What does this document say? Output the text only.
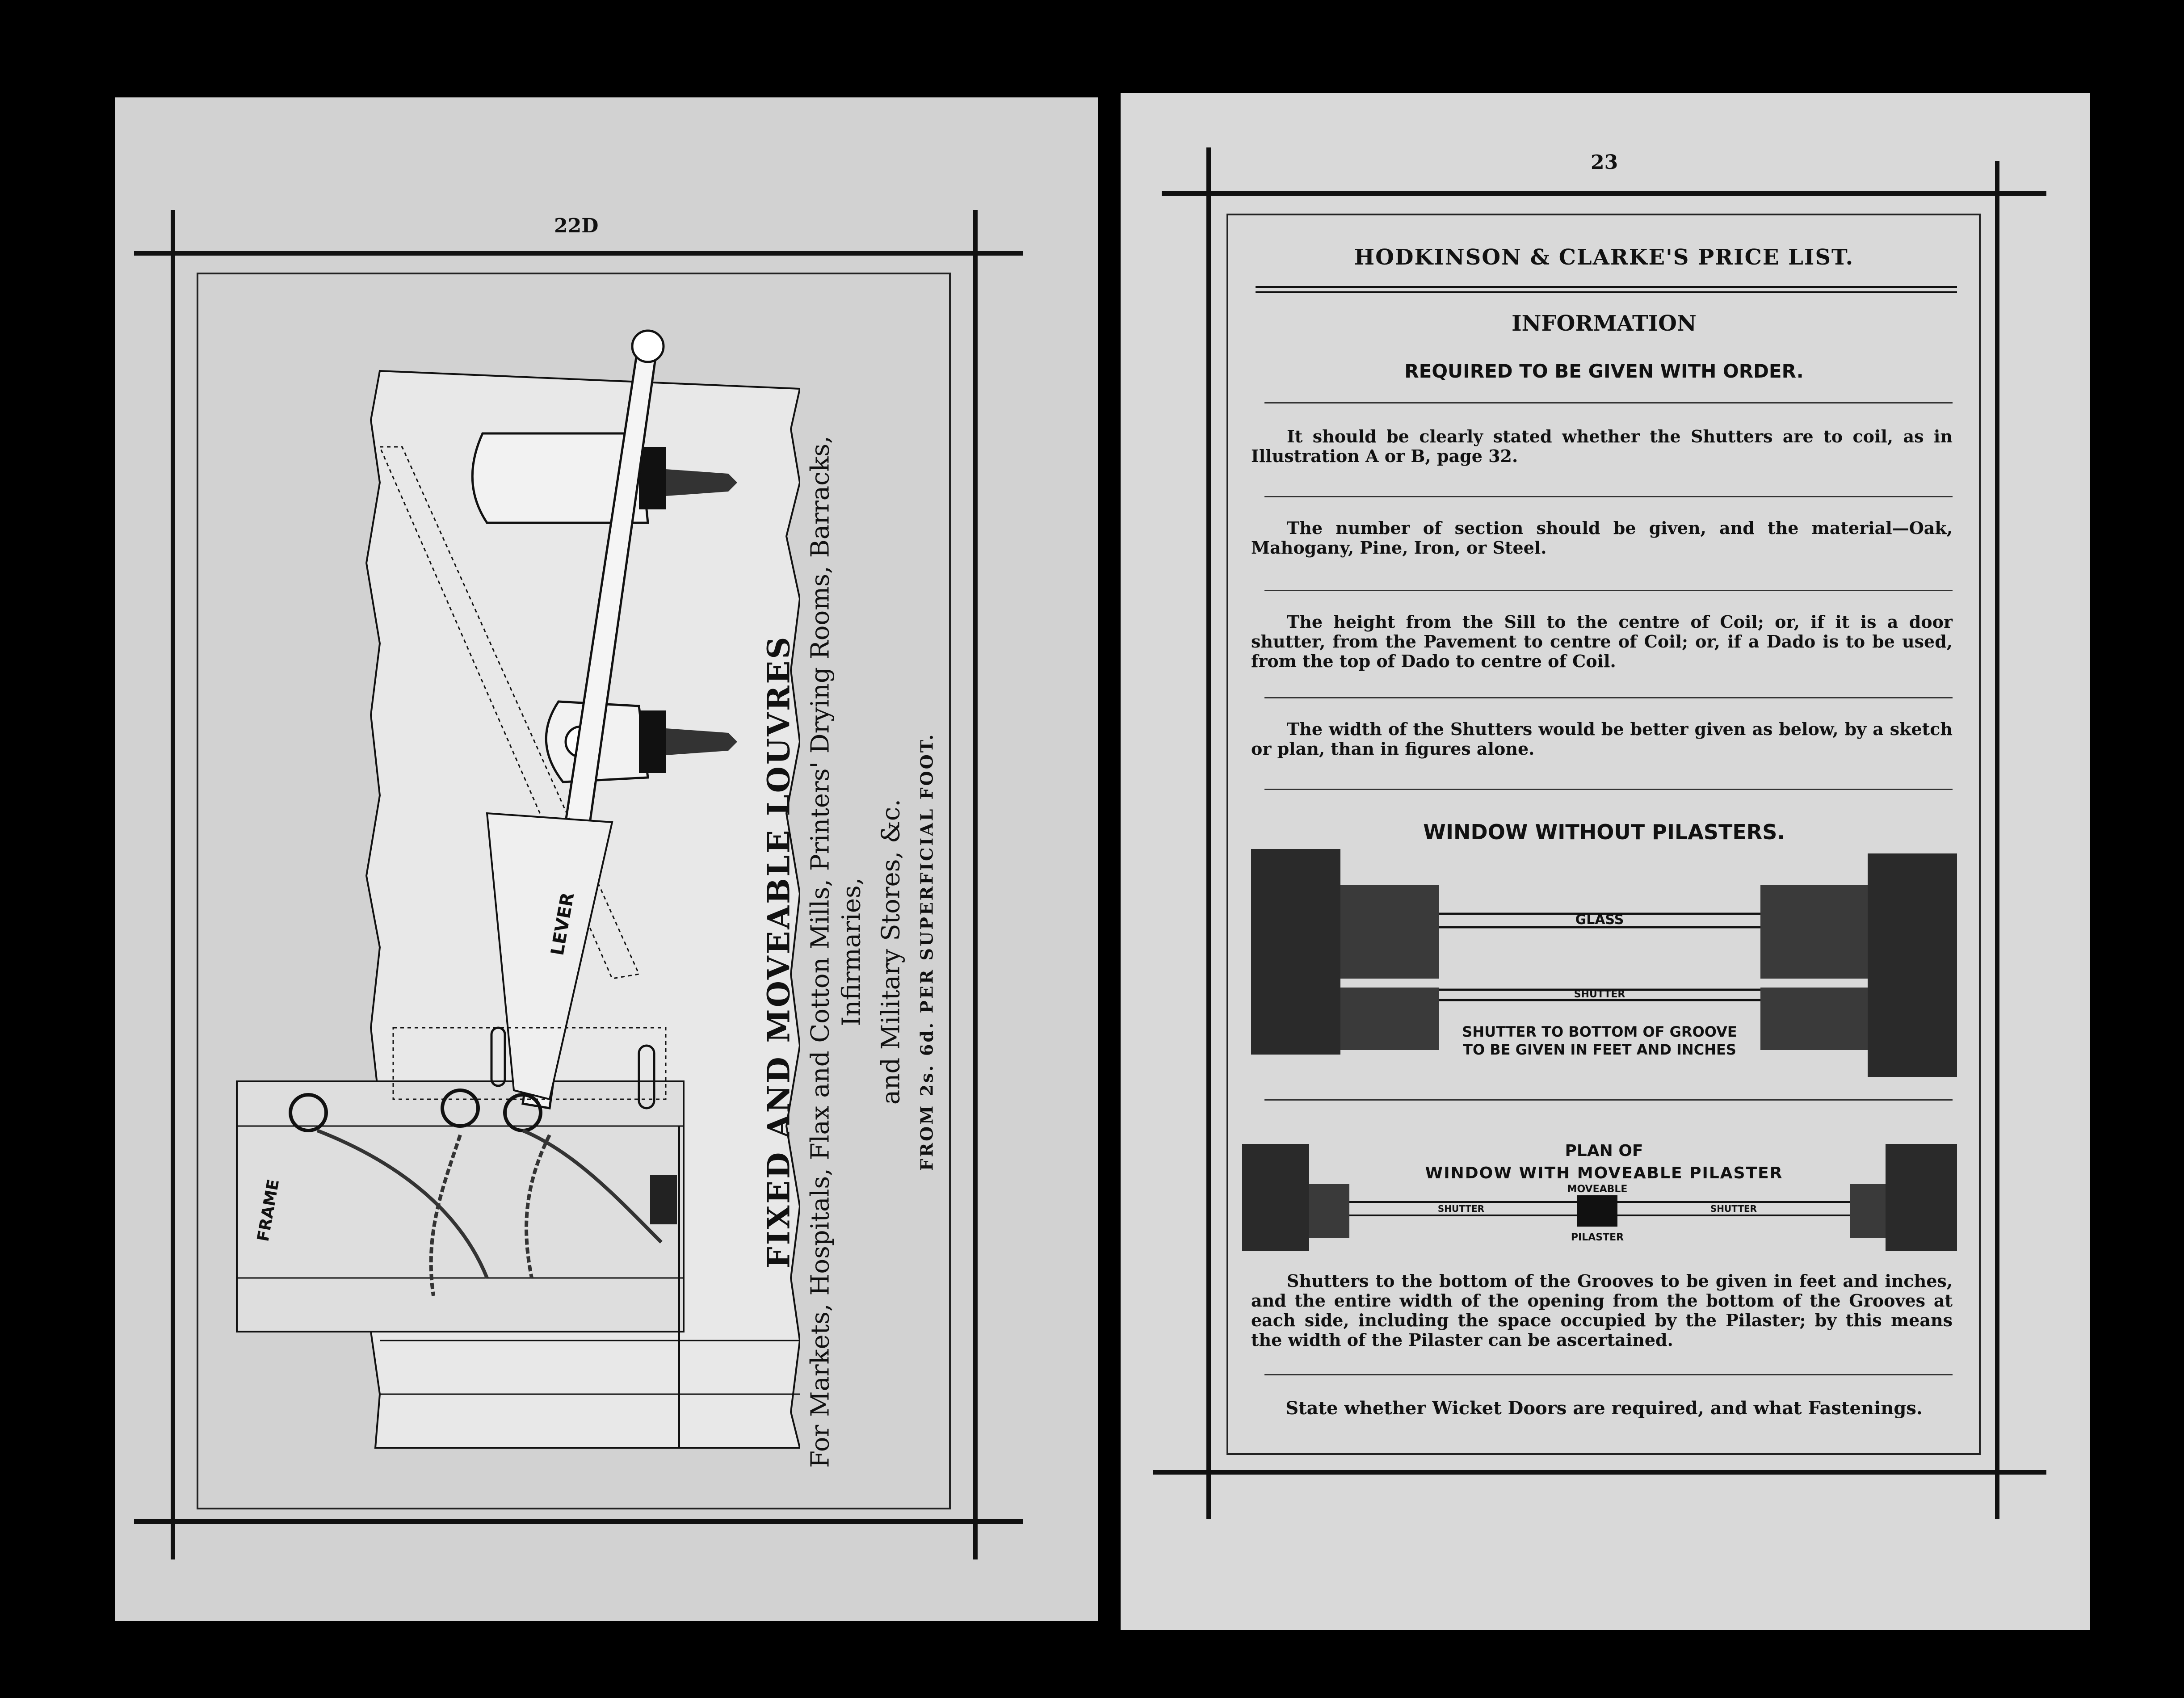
22D
LEVER
FRAME	FIXED AND MOVEABLE LOUVRES For Markets, Hospitals, Flax and Cotton Mills, Printers' Drying Rooms, Barracks, Infirmaries, and Military Stores, &c. FROM 2s. 6d. PER SUPERFICIAL FOOT.
23
HODKINSON & CLARKE'S PRICE LIST.
INFORMATION
REQUIRED TO BE GIVEN WITH ORDER.
It should be clearly stated whether the Shutters are to coil, as in Illustration A or B, page 32.
The number of section should be given, and the material—Oak, Mahogany, Pine, Iron, or Steel.
The height from the Sill to the centre of Coil; or, if it is a door shutter, from the Pavement to centre of Coil; or, if a Dado is to be used, from the top of Dado to centre of Coil.
The width of the Shutters would be better given as below, by a sketch or plan, than in figures alone.
WINDOW WITHOUT PILASTERS.
GLASS
SHUTTER
SHUTTER TO BOTTOM OF GROOVE
TO BE GIVEN IN FEET AND INCHES
PLAN OF
WINDOW WITH MOVEABLE PILASTER
MOVEABLE
PILASTER
SHUTTER	SHUTTER
Shutters to the bottom of the Grooves to be given in feet and inches, and the entire width of the opening from the bottom of the Grooves at each side, including the space occupied by the Pilaster; by this means the width of the Pilaster can be ascertained.
State whether Wicket Doors are required, and what Fastenings.
